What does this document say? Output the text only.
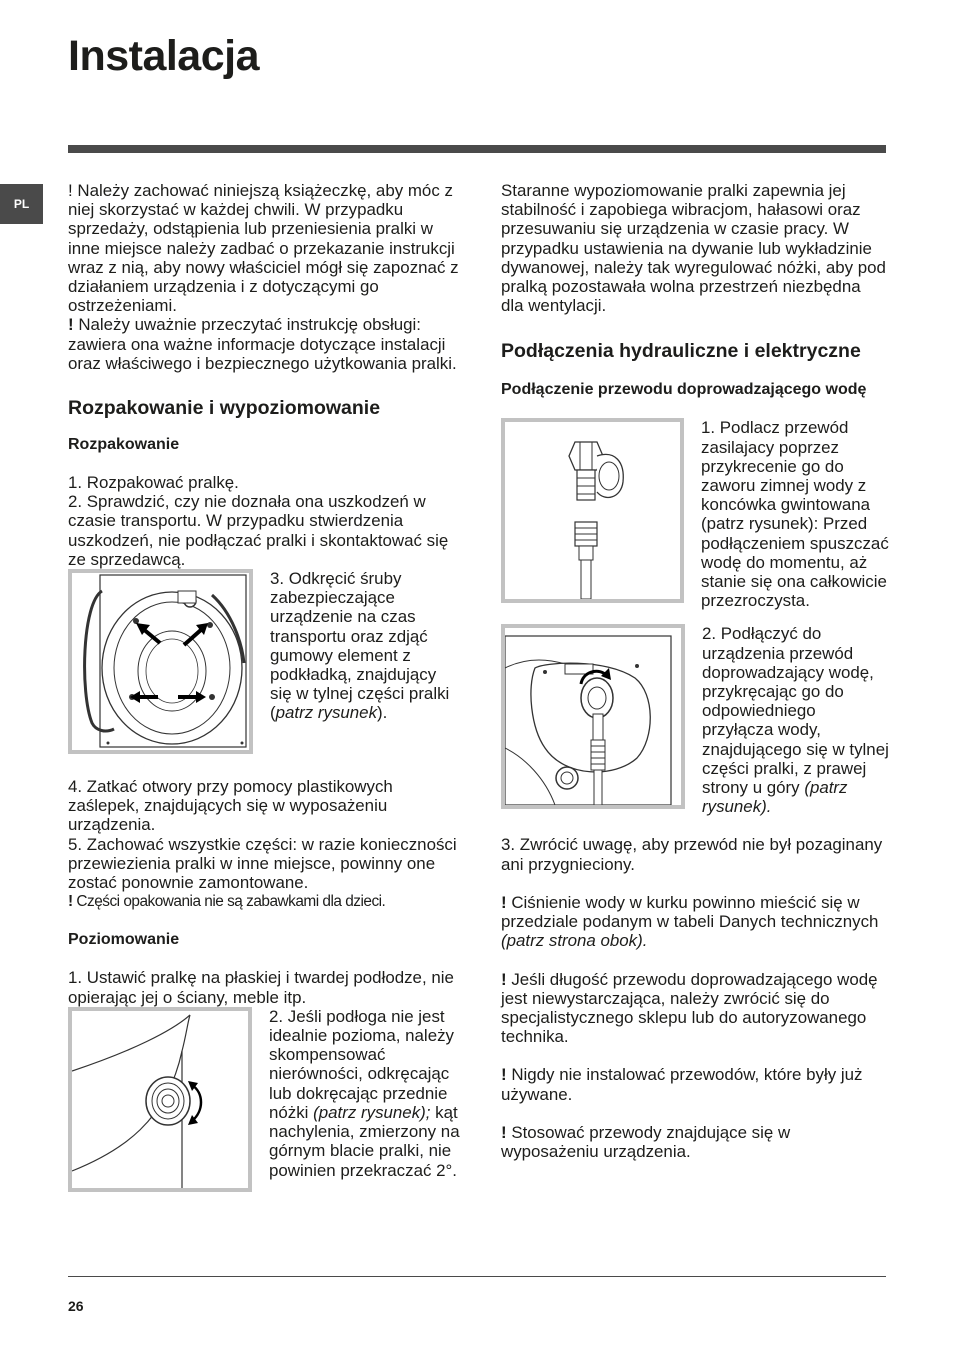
Instalacja
PL

! Należy zachować niniejszą książeczkę, aby móc z niej skorzystać w każdej chwili. W przypadku sprzedaży, odstąpienia lub przeniesienia pralki w inne miejsce należy zadbać o przekazanie instrukcji wraz z nią, aby nowy właściciel mógł się zapoznać z działaniem urządzenia i z dotyczącymi go ostrzeżeniami.

! Należy uważnie przeczytać instrukcję obsługi: zawiera ona ważne informacje dotyczące instalacji oraz właściwego i bezpiecznego użytkowania pralki.

Rozpakowanie i wypoziomowanie

Rozpakowanie

1. Rozpakować pralkę.

2. Sprawdzić, czy nie doznała ona uszkodzeń w czasie transportu. W przypadku stwierdzenia uszkodzeń, nie podłączać pralki i skontaktować się ze sprzedawcą.

3. Odkręcić śruby zabezpieczające urządzenie na czas transportu oraz zdjąć gumowy element z podkładką, znajdujący się w tylnej części pralki (patrz rysunek).

4. Zatkać otwory przy pomocy plastikowych zaślepek, znajdujących się w wyposażeniu urządzenia.

5. Zachować wszystkie części: w razie konieczności przewiezienia pralki w inne miejsce, powinny one zostać ponownie zamontowane.

! Części opakowania nie są zabawkami dla dzieci.

Poziomowanie

1. Ustawić pralkę na płaskiej i twardej podłodze, nie opierając jej o ściany, meble itp.

2. Jeśli podłoga nie jest idealnie pozioma, należy skompensować nierówności, odkręcając lub dokręcając przednie nóżki (patrz rysunek); kąt nachylenia, zmierzony na górnym blacie pralki, nie powinien przekraczać 2°.

Staranne wypoziomowanie pralki zapewnia jej stabilność i zapobiega wibracjom, hałasowi oraz przesuwaniu się urządzenia w czasie pracy. W przypadku ustawienia na dywanie lub wykładzinie dywanowej, należy tak wyregulować nóżki, aby pod pralką pozostawała wolna przestrzeń niezbędna dla wentylacji.

Podłączenia hydrauliczne i elektryczne

Podłączenie przewodu doprowadzającego wodę

1. Podlacz przewód zasilajacy poprzez przykrecenie go do zaworu zimnej wody z koncówka gwintowana (patrz rysunek): Przed podłączeniem spuszczać wodę do momentu, aż stanie się ona całkowicie przezroczysta.

2. Podłączyć do urządzenia przewód doprowadzający wodę, przykręcając go do odpowiedniego przyłącza wody, znajdującego się w tylnej części pralki, z prawej strony u góry (patrz rysunek).

3. Zwrócić uwagę, aby przewód nie był pozaginany ani przygnieciony.

! Ciśnienie wody w kurku powinno mieścić się w przedziale podanym w tabeli Danych technicznych (patrz strona obok).

! Jeśli długość przewodu doprowadzającego wodę jest niewystarczająca, należy zwrócić się do specjalistycznego sklepu lub do autoryzowanego technika.

! Nigdy nie instalować przewodów, które były już używane.

! Stosować przewody znajdujące się w wyposażeniu urządzenia.

26
